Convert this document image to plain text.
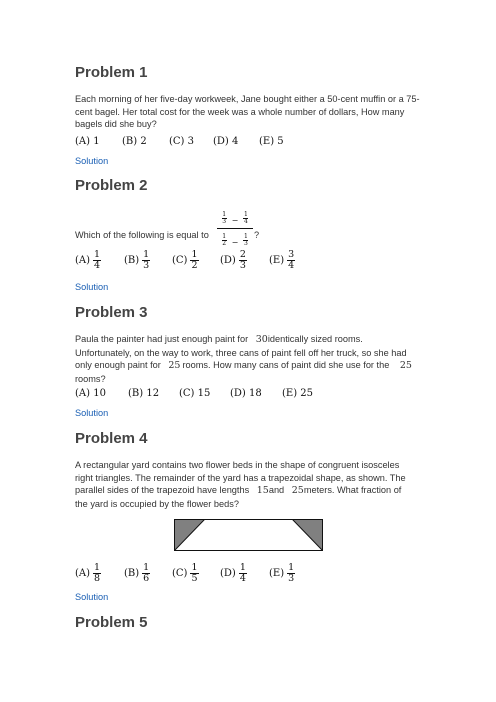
Problem 1

Each morning of her five-day workweek, Jane bought either a 50-cent muffin or a 75-cent bagel. Her total cost for the week was a whole number of dollars, How many bagels did she buy?

(A) 1 (B) 2 (C) 3 (D) 4 (E) 5
Solution
Problem 2
Which of the following is equal to $\frac{\frac{1}{3} - \frac{1}{4}}{\frac{1}{2} - \frac{1}{3}}$ ?
$(A) \frac{1}{4} (B) \frac{1}{3} (C) \frac{1}{2} (D) \frac{2}{3} (E) \frac{3}{4}$
Solution
Problem 3
Paula the painter had just enough paint for 30identically sized rooms.
Unfortunately, on the way to work, three cans of paint fell off her truck, so she had
only enough paint for 25 rooms. How many cans of paint did she use for the 25
rooms?
(A) 10 (B) 12 (C) 15 (D) 18 (E) 25
Solution
Problem 4
A rectangular yard contains two flower beds in the shape of congruent isosceles
right triangles. The remainder of the yard has a trapezoidal shape, as shown. The
parallel sides of the trapezoid have lengths 15and 25meters. What fraction of
the yard is occupied by the flower beds?
$(A) \frac{1}{8} (B) \frac{1}{6} (C) \frac{1}{5} (D) \frac{1}{4} (E) \frac{1}{3}$
Solution
Problem 5
